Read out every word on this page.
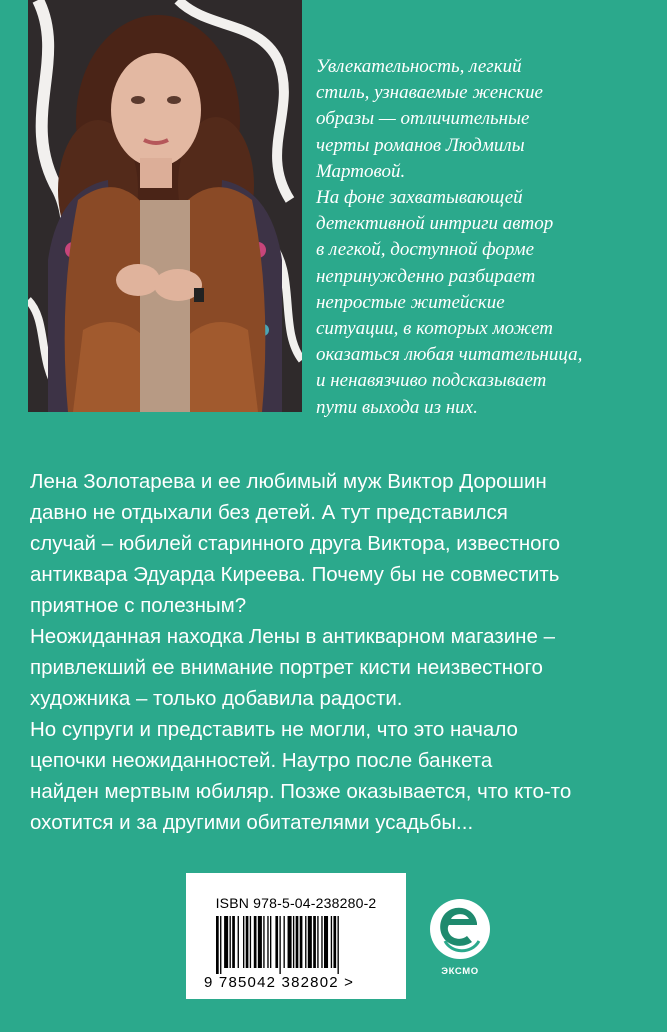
Увлекательность, легкий

стиль, узнаваемые женские

образы — отличительные

черты романов Людмилы

Мартовой.

На фоне захватывающей

детективной интриги автор

в легкой, доступной форме

непринужденно разбирает

непростые житейские

ситуации, в которых может

оказаться любая читательница,

и ненавязчиво подсказывает

пути выхода из них.

Лена Золотарева и ее любимый муж Виктор Дорошин

давно не отдыхали без детей. А тут представился

случай – юбилей старинного друга Виктора, известного

антиквара Эдуарда Киреева. Почему бы не совместить

приятное с полезным?

Неожиданная находка Лены в антикварном магазине –

привлекший ее внимание портрет кисти неизвестного

художника – только добавила радости.

Но супруги и представить не могли, что это начало

цепочки неожиданностей. Наутро после банкета

найден мертвым юбиляр. Позже оказывается, что кто-то

охотится и за другими обитателями усадьбы...

ISBN 978-5-04-238280-2
9 785042 382802 >
ЭКСМО
